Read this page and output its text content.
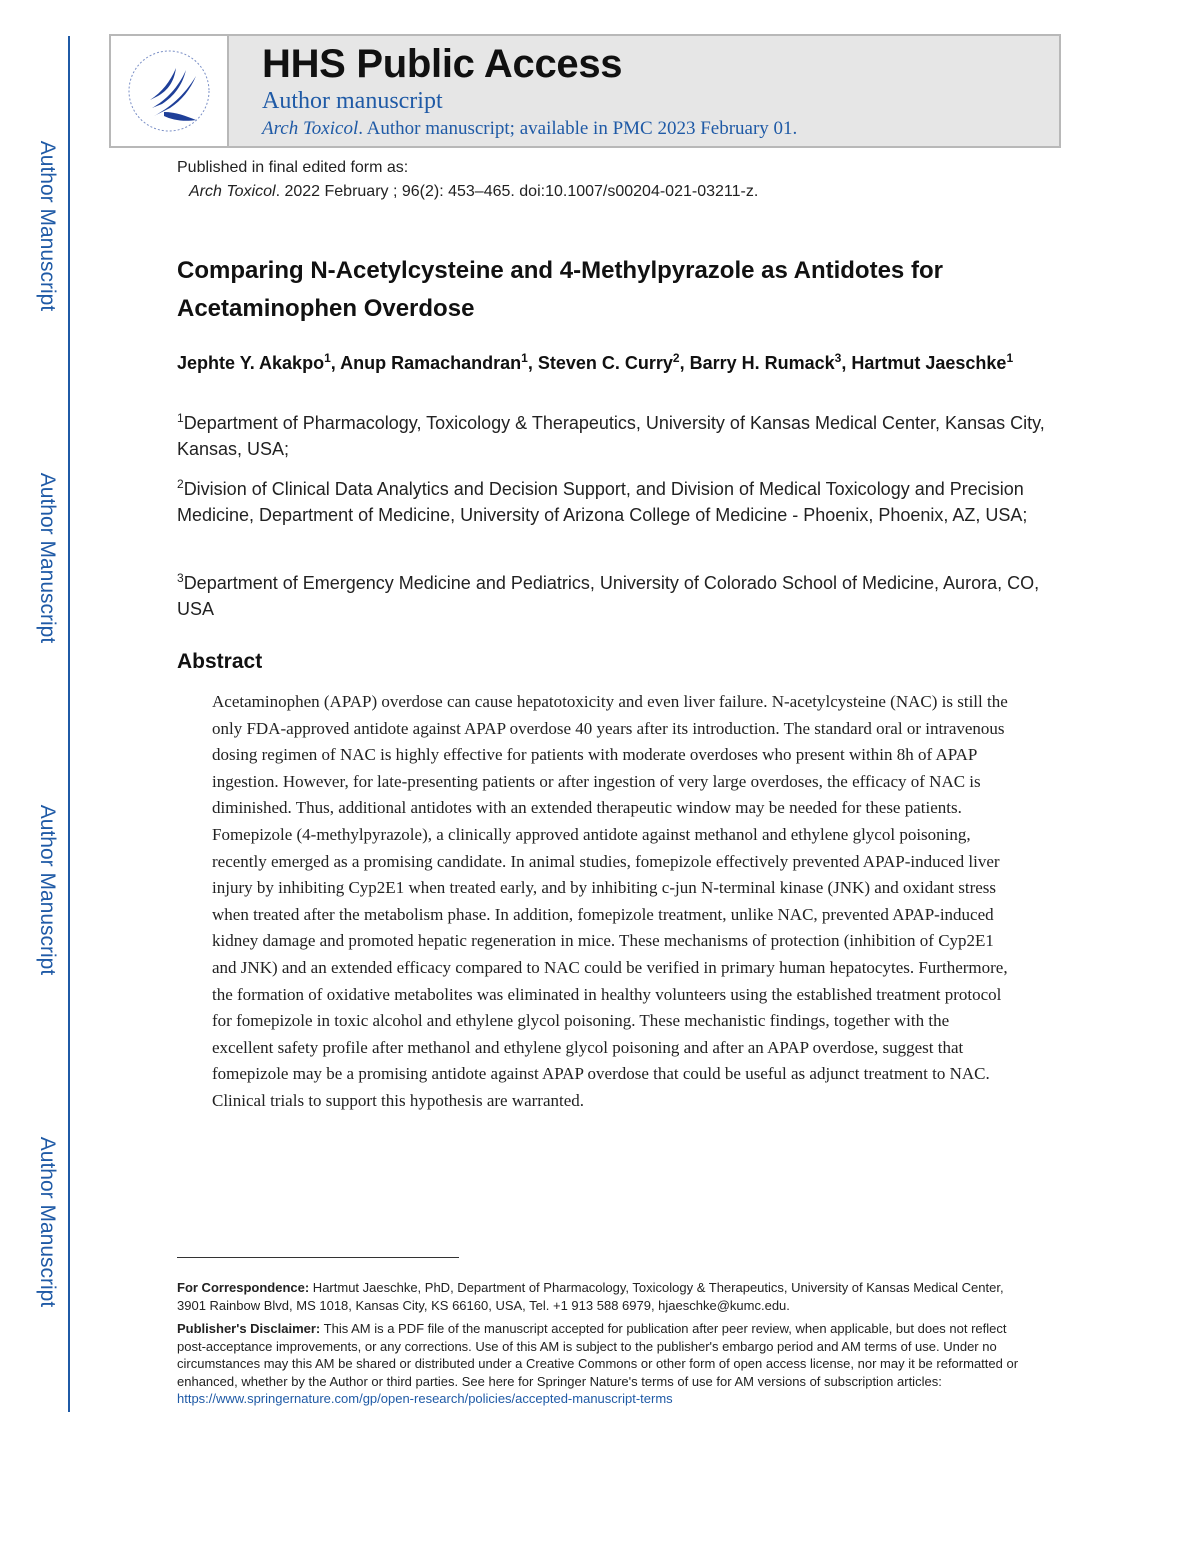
Author Manuscript
Author Manuscript
Author Manuscript
Author Manuscript
HHS Public Access
Author manuscript
Arch Toxicol. Author manuscript; available in PMC 2023 February 01.
Published in final edited form as:
Arch Toxicol. 2022 February ; 96(2): 453–465. doi:10.1007/s00204-021-03211-z.
Comparing N-Acetylcysteine and 4-Methylpyrazole as Antidotes for Acetaminophen Overdose
Jephte Y. Akakpo$^1$, Anup Ramachandran$^1$, Steven C. Curry$^2$, Barry H. Rumack$^3$, Hartmut Jaeschke$^1$
$^1$Department of Pharmacology, Toxicology & Therapeutics, University of Kansas Medical Center, Kansas City, Kansas, USA;
$^2$Division of Clinical Data Analytics and Decision Support, and Division of Medical Toxicology and Precision Medicine, Department of Medicine, University of Arizona College of Medicine - Phoenix, Phoenix, AZ, USA;
$^3$Department of Emergency Medicine and Pediatrics, University of Colorado School of Medicine, Aurora, CO, USA
Abstract
Acetaminophen (APAP) overdose can cause hepatotoxicity and even liver failure. N-acetylcysteine (NAC) is still the only FDA-approved antidote against APAP overdose 40 years after its introduction. The standard oral or intravenous dosing regimen of NAC is highly effective for patients with moderate overdoses who present within 8h of APAP ingestion. However, for late-presenting patients or after ingestion of very large overdoses, the efficacy of NAC is diminished. Thus, additional antidotes with an extended therapeutic window may be needed for these patients. Fomepizole (4-methylpyrazole), a clinically approved antidote against methanol and ethylene glycol poisoning, recently emerged as a promising candidate. In animal studies, fomepizole effectively prevented APAP-induced liver injury by inhibiting Cyp2E1 when treated early, and by inhibiting c-jun N-terminal kinase (JNK) and oxidant stress when treated after the metabolism phase. In addition, fomepizole treatment, unlike NAC, prevented APAP-induced kidney damage and promoted hepatic regeneration in mice. These mechanisms of protection (inhibition of Cyp2E1 and JNK) and an extended efficacy compared to NAC could be verified in primary human hepatocytes. Furthermore, the formation of oxidative metabolites was eliminated in healthy volunteers using the established treatment protocol for fomepizole in toxic alcohol and ethylene glycol poisoning. These mechanistic findings, together with the excellent safety profile after methanol and ethylene glycol poisoning and after an APAP overdose, suggest that fomepizole may be a promising antidote against APAP overdose that could be useful as adjunct treatment to NAC. Clinical trials to support this hypothesis are warranted.
For Correspondence: Hartmut Jaeschke, PhD, Department of Pharmacology, Toxicology & Therapeutics, University of Kansas Medical Center, 3901 Rainbow Blvd, MS 1018, Kansas City, KS 66160, USA, Tel. +1 913 588 6979, hjaeschke@kumc.edu.
Publisher's Disclaimer: This AM is a PDF file of the manuscript accepted for publication after peer review, when applicable, but does not reflect post-acceptance improvements, or any corrections. Use of this AM is subject to the publisher's embargo period and AM terms of use. Under no circumstances may this AM be shared or distributed under a Creative Commons or other form of open access license, nor may it be reformatted or enhanced, whether by the Author or third parties. See here for Springer Nature's terms of use for AM versions of subscription articles: https://www.springernature.com/gp/open-research/policies/accepted-manuscript-terms
